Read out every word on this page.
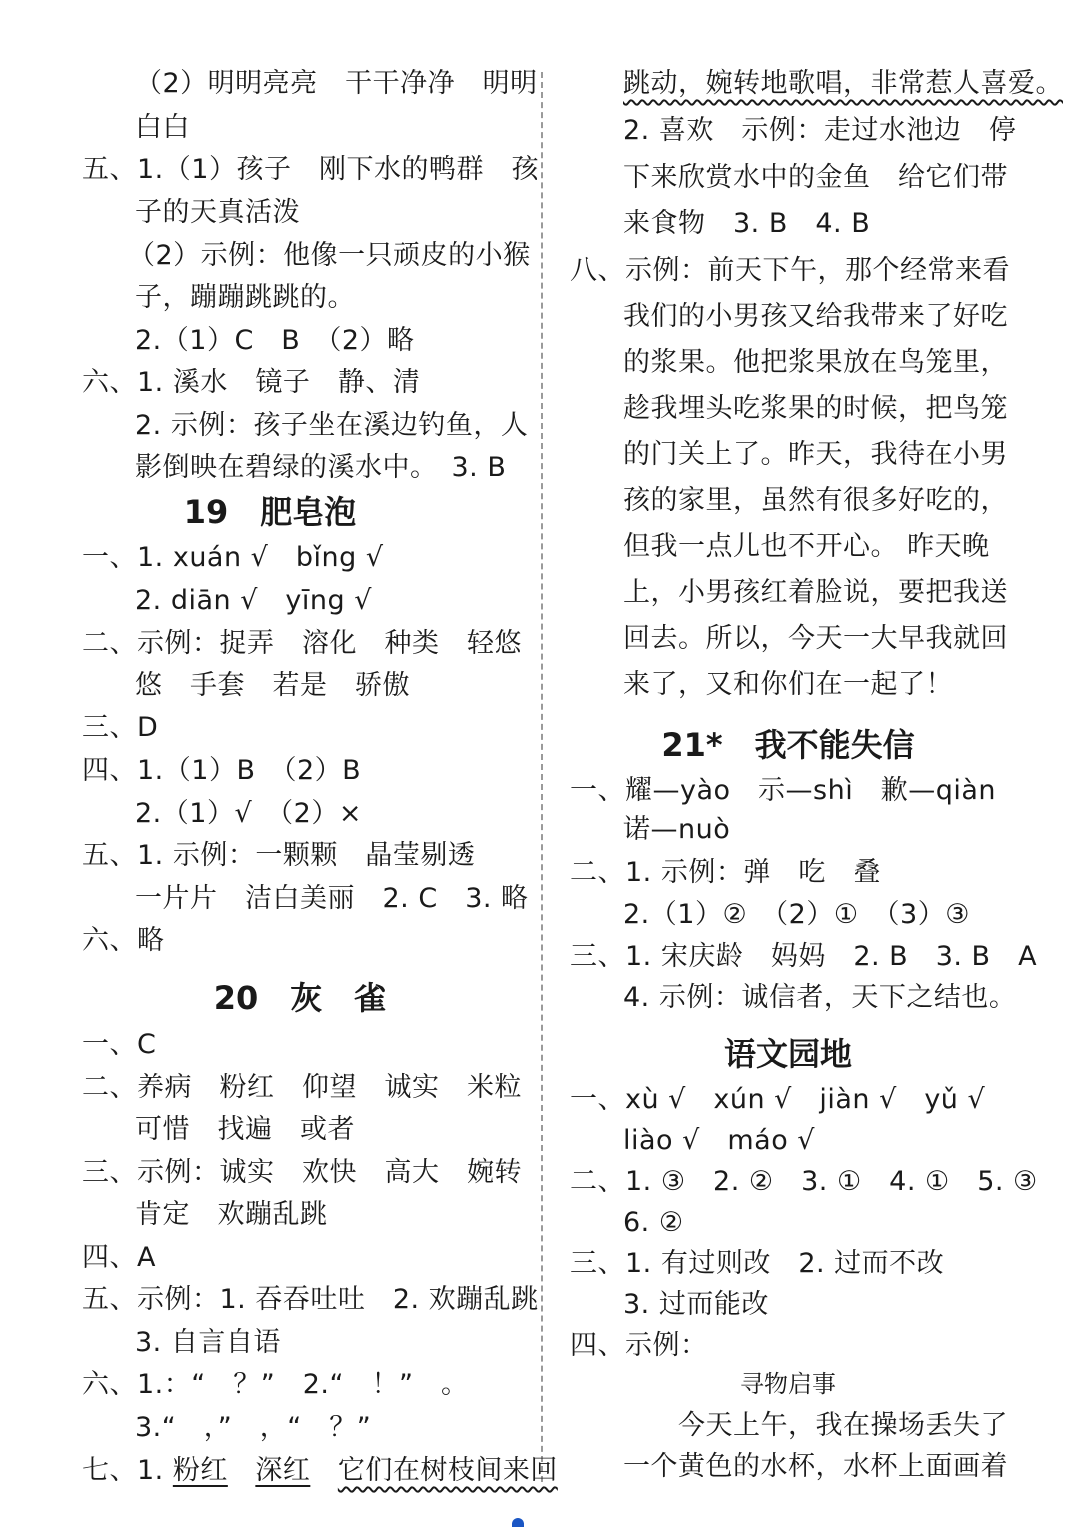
（2）明明亮亮　干干净净　明明
白白
五、1.（1）孩子　刚下水的鸭群　孩
子的天真活泼
（2）示例：他像一只顽皮的小猴
子，蹦蹦跳跳的。
2.（1）C　B　（2）略
六、1. 溪水　镜子　静、清
2. 示例：孩子坐在溪边钓鱼，人
影倒映在碧绿的溪水中。　3. B
19　肥皂泡
一、1. xuán √　bǐng √
2. diān √　yīng √
二、示例：捉弄　溶化　种类　轻悠
悠　手套　若是　骄傲
三、D
四、1.（1）B　（2）B
2.（1）√　（2）×
五、1. 示例：一颗颗　晶莹剔透
一片片　洁白美丽　2. C　3. 略
六、略
20　灰　雀
一、C
二、养病　粉红　仰望　诚实　米粒
可惜　找遍　或者
三、示例：诚实　欢快　高大　婉转
肯定　欢蹦乱跳
四、A
五、示例：1. 吞吞吐吐　2. 欢蹦乱跳
3. 自言自语
六、1.：“　？”　2.“　！”　。
3.“　，”　，“　？”
七、1. 粉红　 深红　 它们在树枝间来回
跳动，婉转地歌唱，非常惹人喜爱。
2. 喜欢　示例：走过水池边　停
下来欣赏水中的金鱼　给它们带
来食物　3. B　4. B
八、示例：前天下午，那个经常来看
我们的小男孩又给我带来了好吃
的浆果。他把浆果放在鸟笼里，
趁我埋头吃浆果的时候，把鸟笼
的门关上了。昨天，我待在小男
孩的家里，虽然有很多好吃的，
但我一点儿也不开心。 昨天晚
上，小男孩红着脸说，要把我送
回去。所以，今天一大早我就回
来了，又和你们在一起了！
21*　我不能失信
一、耀—yào　示—shì　歉—qiàn
诺—nuò
二、1. 示例：弹　吃　叠
2.（1）②　（2）①　（3）③
三、1. 宋庆龄　妈妈　2. B　3. B　A
4. 示例：诚信者，天下之结也。
语文园地
一、xù √　xún √　jiàn √　yǔ √
liào √　máo √
二、1. ③　2. ②　3. ①　4. ①　5. ③
6. ②
三、1. 有过则改　2. 过而不改
3. 过而能改
四、示例：
寻物启事
今天上午，我在操场丢失了
一个黄色的水杯，水杯上面画着
